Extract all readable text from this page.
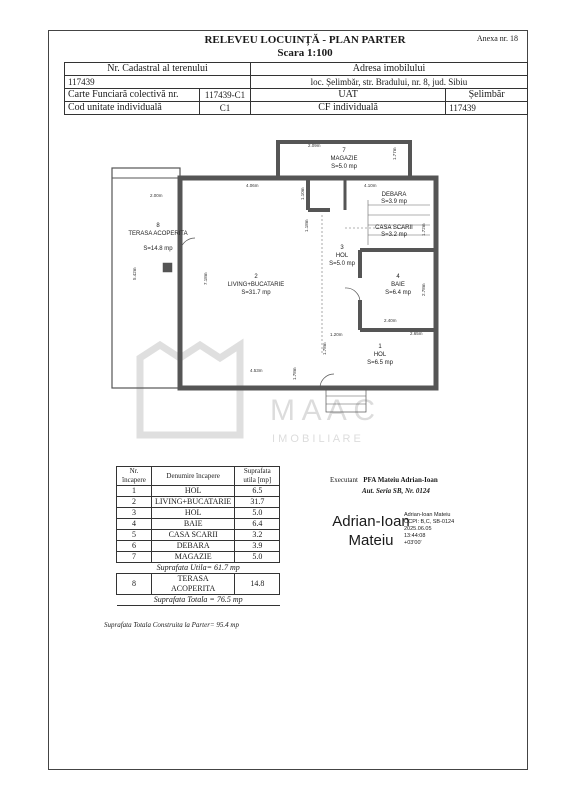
RELEVEU LOCUINȚĂ - PLAN PARTER
Scara 1:100
Anexa nr. 18
Nr. Cadastral al terenului		Adresa imobilului	
117439		loc. Șelimbăr, str. Bradului, nr. 8, jud. Sibiu	
Carte Funciară colectivă nr.	117439-C1	UAT	Șelimbăr
Cod unitate individuală	C1	CF individuală	117439
M A A C
I M O B I L I A R E
7
MAGAZIE
S=5.0 mp
DEBARA
S=3.9 mp
CASA SCARII
S=3.2 mp
8
TERASA ACOPERITA
S=14.8 mp
2
LIVING+BUCATARIE
S=31.7 mp
3
HOL
S=5.0 mp
4
BAIE
S=6.4 mp
1
HOL
S=6.5 mp
2.09m
1.77m
4.06m
1.10m
2.00m
7.18m
5.42m
4.10m
1.18m	1.72m
2.78m
1.20m
2.40m
2.65m
1.78m
4.53m	1.78m
Nr. încapere	Denumire încapere	Suprafata utila [mp]
1	HOL	6.5
2	LIVING+BUCATARIE	31.7
3	HOL	5.0
4	BAIE	6.4
5	CASA SCARII	3.2
6	DEBARA	3.9
7	MAGAZIE	5.0
Suprafata Utila= 61.7 mp		
8	TERASA ACOPERITA	14.8
Suprafata Totala = 76.5 mp		
Suprafata Totala Construita la Parter= 95.4 mp
Executant PFA Mateiu Adrian-Ioan
Aut. Seria SB, Nr. 0124
Adrian-Ioan Mateiu
Adrian-Ioan Mateiu
OCPI: B,C, SB-0124
2025.06.05
13:44:08
+03'00'
